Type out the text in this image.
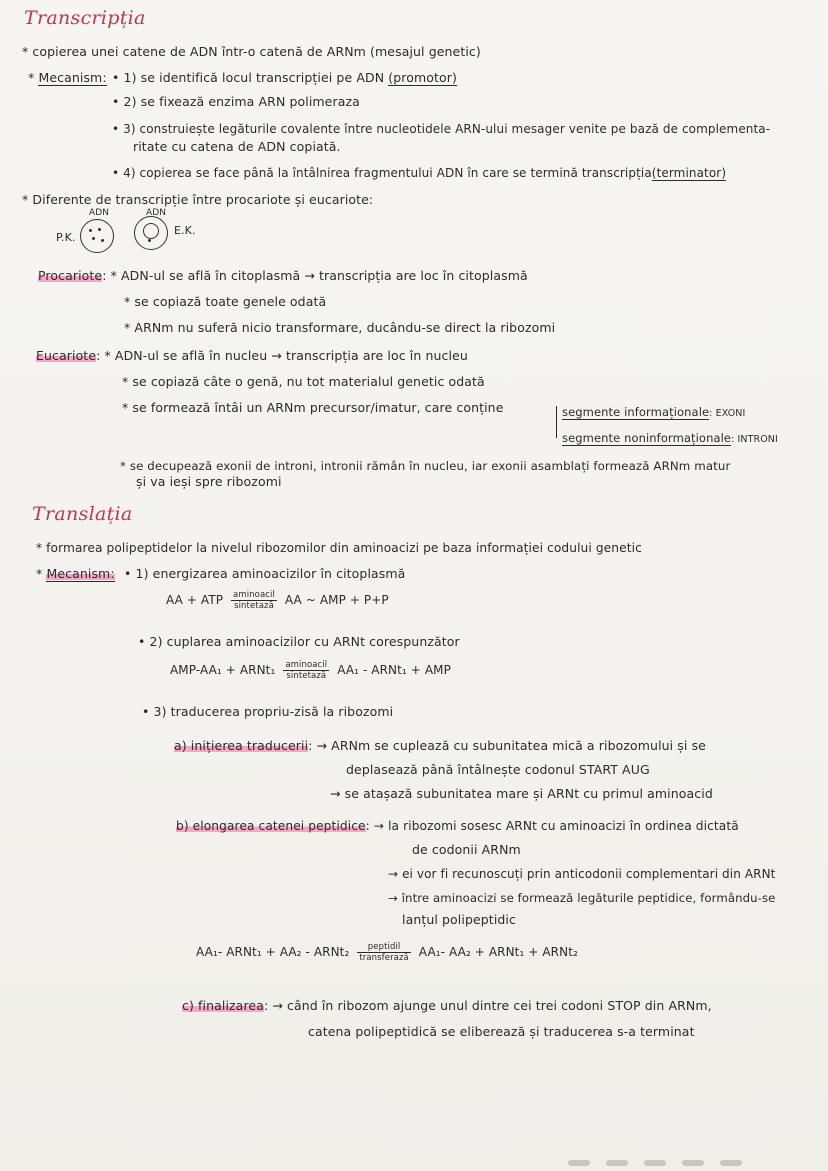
Transcripția
* copierea unei catene de ADN într-o catenă de ARNm (mesajul genetic)
* Mecanism: • 1) se identifică locul transcripției pe ADN (promotor)
• 2) se fixează enzima ARN polimeraza
• 3) construiește legăturile covalente între nucleotidele ARN-ului mesager venite pe bază de complementa-
ritate cu catena de ADN copiată.
• 4) copierea se face până la întâlnirea fragmentului ADN în care se termină transcripția(terminator)
* Diferente de transcripție între procariote și eucariote:
P.K.
ADN	ADN
E.K.
Procariote: * ADN-ul se află în citoplasmă → transcripția are loc în citoplasmă
* se copiază toate genele odată
* ARNm nu suferă nicio transformare, ducându-se direct la ribozomi
Eucariote: * ADN-ul se află în nucleu → transcripția are loc în nucleu
* se copiază câte o genă, nu tot materialul genetic odată
* se formează întâi un ARNm precursor/imatur, care conține	segmente informaționale: EXONI
segmente noninformaționale: INTRONI
* se decupează exonii de introni, intronii rămân în nucleu, iar exonii asamblați formează ARNm matur
și va ieși spre ribozomi
Translația
* formarea polipeptidelor la nivelul ribozomilor din aminoacizi pe baza informației codului genetic
* Mecanism: • 1) energizarea aminoacizilor în citoplasmă
AA + ATP $\frac{\text{aminoacil}}{\text{sintetază}}$ AA ~ AMP + P+P
• 2) cuplarea aminoacizilor cu ARNt corespunzător
AMP-AA₁ + ARNt₁ $\frac{\text{aminoacil}}{\text{sintetază}} AA_1$ - ARNt₁ + AMP
• 3) traducerea propriu-zisă la ribozomi
a) inițierea traducerii: → ARNm se cuplează cu subunitatea mică a ribozomului și se
deplasează până întâlnește codonul START AUG
→ se atașază subunitatea mare și ARNt cu primul aminoacid
b) elongarea catenei peptidice: → la ribozomi sosesc ARNt cu aminoacizi în ordinea dictată
de codonii ARNm
→ ei vor fi recunoscuți prin anticodonii complementari din ARNt
→ între aminoacizi se formează legăturile peptidice, formându-se
lanțul polipeptidic
AA₁- ARNt₁ + AA₂ - ARNt₂ $\frac{\text{peptidil}}{\text{transferază}} AA_1-$ AA₂ + ARNt₁ + ARNt₂
c) finalizarea: → când în ribozom ajunge unul dintre cei trei codoni STOP din ARNm,
catena polipeptidică se eliberează și traducerea s-a terminat
